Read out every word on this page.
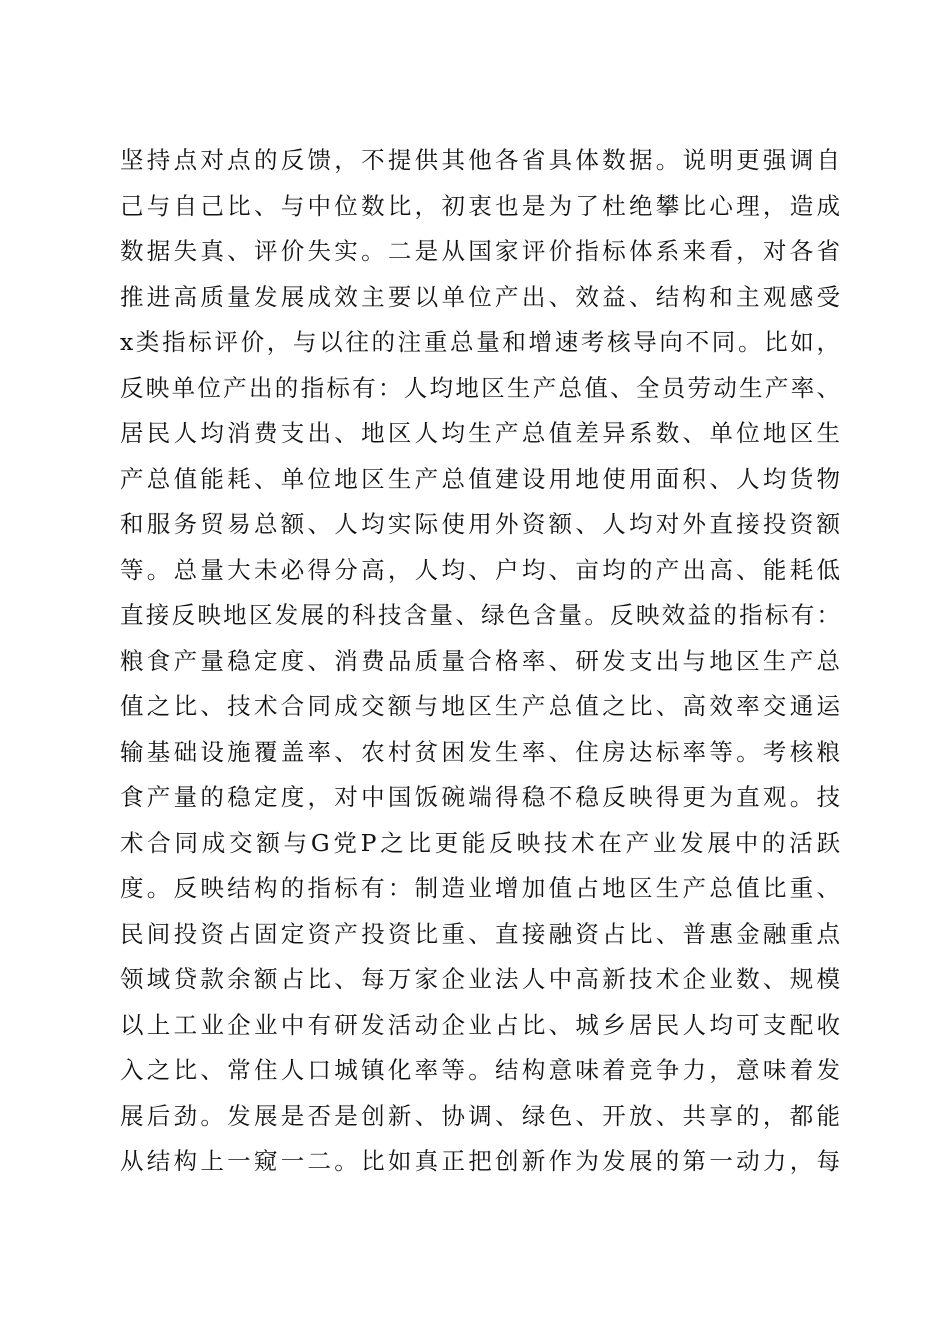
坚持点对点的反馈，不提供其他各省具体数据。说明更强调自
己与自己比、与中位数比，初衷也是为了杜绝攀比心理，造成
数据失真、评价失实。二是从国家评价指标体系来看，对各省
推进高质量发展成效主要以单位产出、效益、结构和主观感受
x类指标评价，与以往的注重总量和增速考核导向不同。比如，
反映单位产出的指标有：人均地区生产总值、全员劳动生产率、
居民人均消费支出、地区人均生产总值差异系数、单位地区生
产总值能耗、单位地区生产总值建设用地使用面积、人均货物
和服务贸易总额、人均实际使用外资额、人均对外直接投资额
等。总量大未必得分高，人均、户均、亩均的产出高、能耗低
直接反映地区发展的科技含量、绿色含量。反映效益的指标有：
粮食产量稳定度、消费品质量合格率、研发支出与地区生产总
值之比、技术合同成交额与地区生产总值之比、高效率交通运
输基础设施覆盖率、农村贫困发生率、住房达标率等。考核粮
食产量的稳定度，对中国饭碗端得稳不稳反映得更为直观。技
术合同成交额与G党P之比更能反映技术在产业发展中的活跃
度。反映结构的指标有：制造业增加值占地区生产总值比重、
民间投资占固定资产投资比重、直接融资占比、普惠金融重点
领域贷款余额占比、每万家企业法人中高新技术企业数、规模
以上工业企业中有研发活动企业占比、城乡居民人均可支配收
入之比、常住人口城镇化率等。结构意味着竞争力，意味着发
展后劲。发展是否是创新、协调、绿色、开放、共享的，都能
从结构上一窥一二。比如真正把创新作为发展的第一动力，每
